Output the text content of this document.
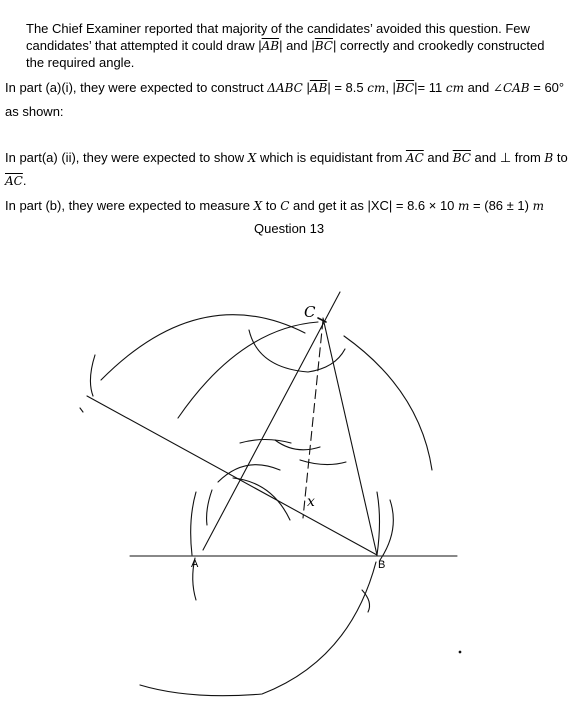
The Chief Examiner reported that majority of the candidates’ avoided this question. Few
candidates’ that attempted it could draw $|\overline{AB}|$ and $|\overline{BC}|$ correctly and crookedly constructed
the required angle.
In part (a)(i), they were expected to construct ΔABC $|\overline{AB}| = 8.5$ cm, $|\overline{BC}|= 11$ cm and ∠CAB = 60°
as shown:
In part(a) (ii), they were expected to show X which is equidistant from $\overline{AC}$ and $\overline{BC}$ and ⊥ from B to
$\overline{AC}$.
In part (b), they were expected to measure X to C and get it as |XC| = 8.6 × 10 m = (86 ± 1) m
Question 13
A	B
C
x
